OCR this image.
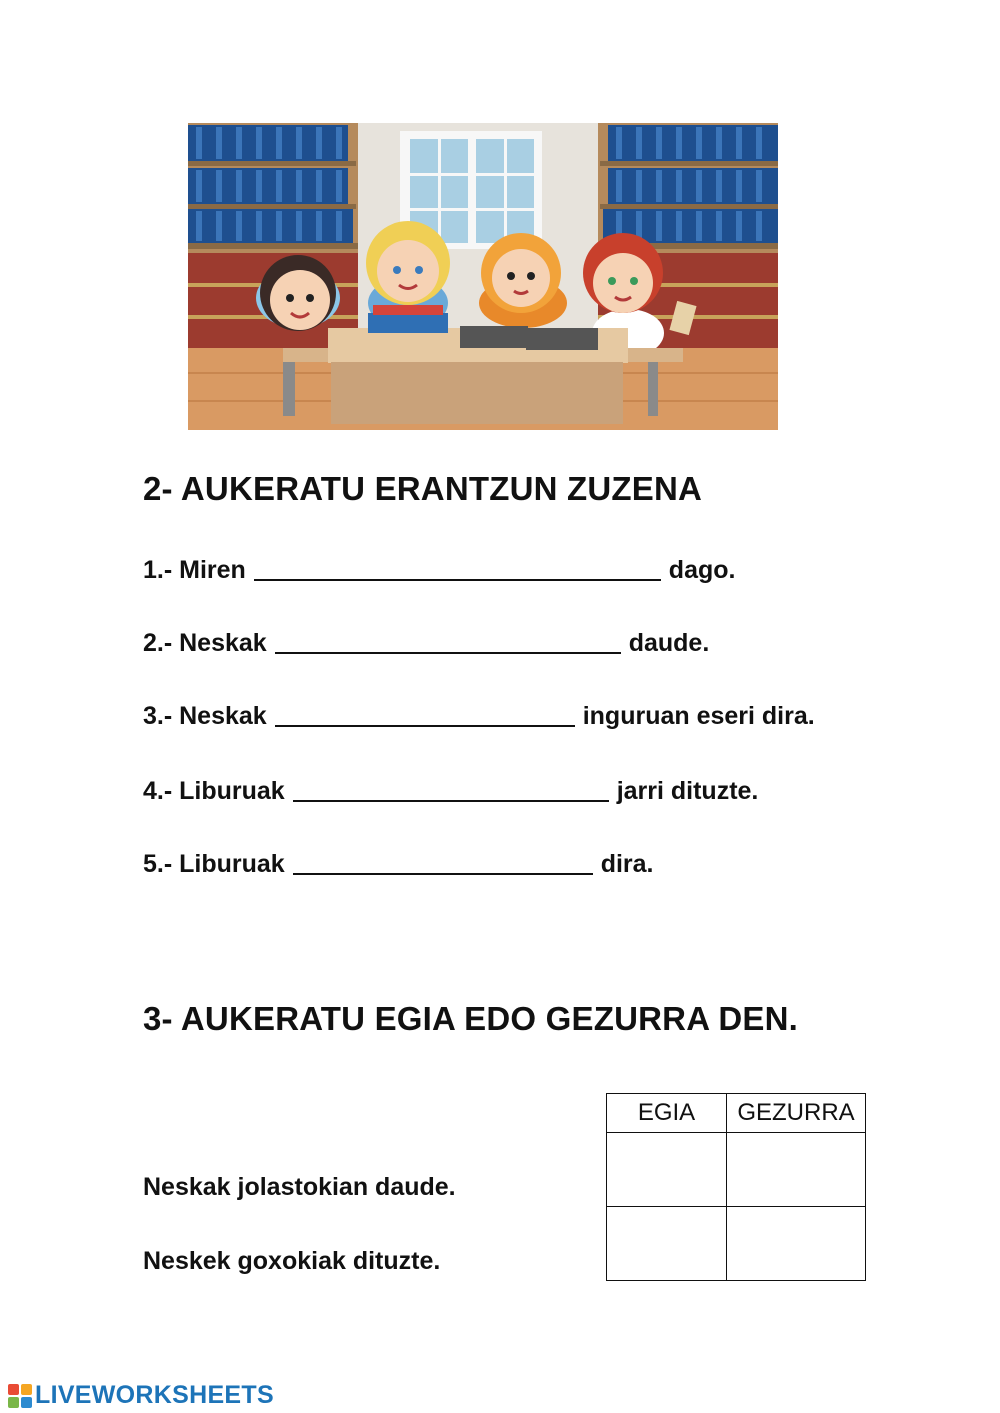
2- AUKERATU ERANTZUN ZUZENA
1.- Miren	dago.
2.- Neskak	daude.
3.- Neskak	inguruan eseri dira.
4.- Liburuak	jarri dituzte.
5.- Liburuak	dira.
3- AUKERATU EGIA EDO GEZURRA DEN.
Neskak jolastokian daude.
Neskek goxokiak dituzte.
EGIA	GEZURRA

LIVEWORKSHEETS
